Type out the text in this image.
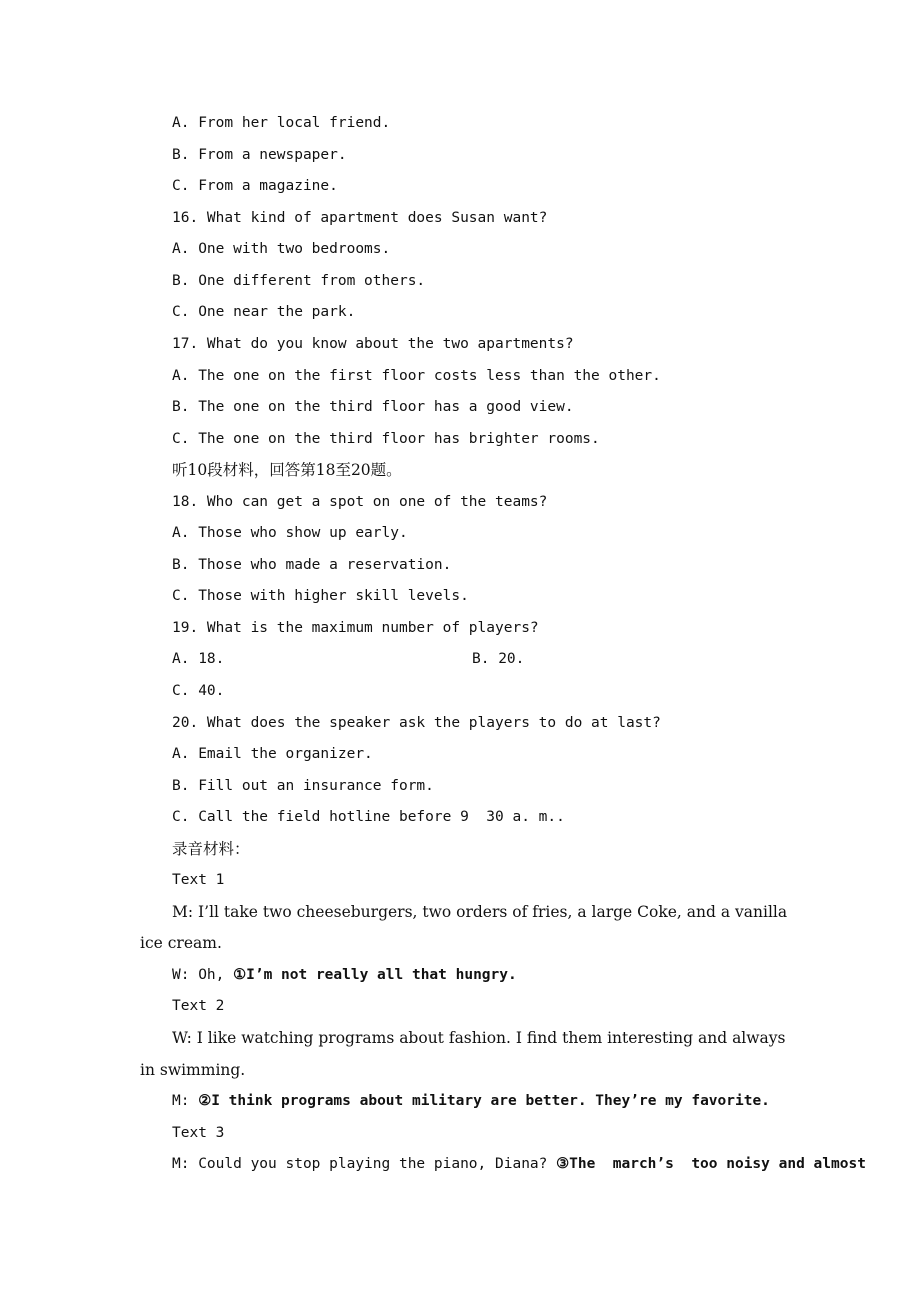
A. From her local friend.
B. From a newspaper.
C. From a magazine.
16. What kind of apartment does Susan want?
A. One with two bedrooms.
B. One different from others.
C. One near the park.
17. What do you know about the two apartments?
A. The one on the first floor costs less than the other.
B. The one on the third floor has a good view.
C. The one on the third floor has brighter rooms.
听10段材料，回答第18至20题。
18. Who can get a spot on one of the teams?
A. Those who show up early.
B. Those who made a reservation.
C. Those with higher skill levels.
19. What is the maximum number of players?
A. 18.	B. 20.
C. 40.
20. What does the speaker ask the players to do at last?
A. Email the organizer.
B. Fill out an insurance form.
C. Call the field hotline before 9  30 a. m..
录音材料：
Text 1
M: I’ll take two cheeseburgers, two orders of fries, a large Coke, and a vanilla
ice cream.
W: Oh, ①I’m not really all that hungry.
Text 2
W: I like watching programs about fashion. I find them interesting and always
in swimming.
M: ②I think programs about military are better. They’re my favorite.
Text 3
M: Could you stop playing the piano, Diana? ③The  march’s  too noisy and almost
